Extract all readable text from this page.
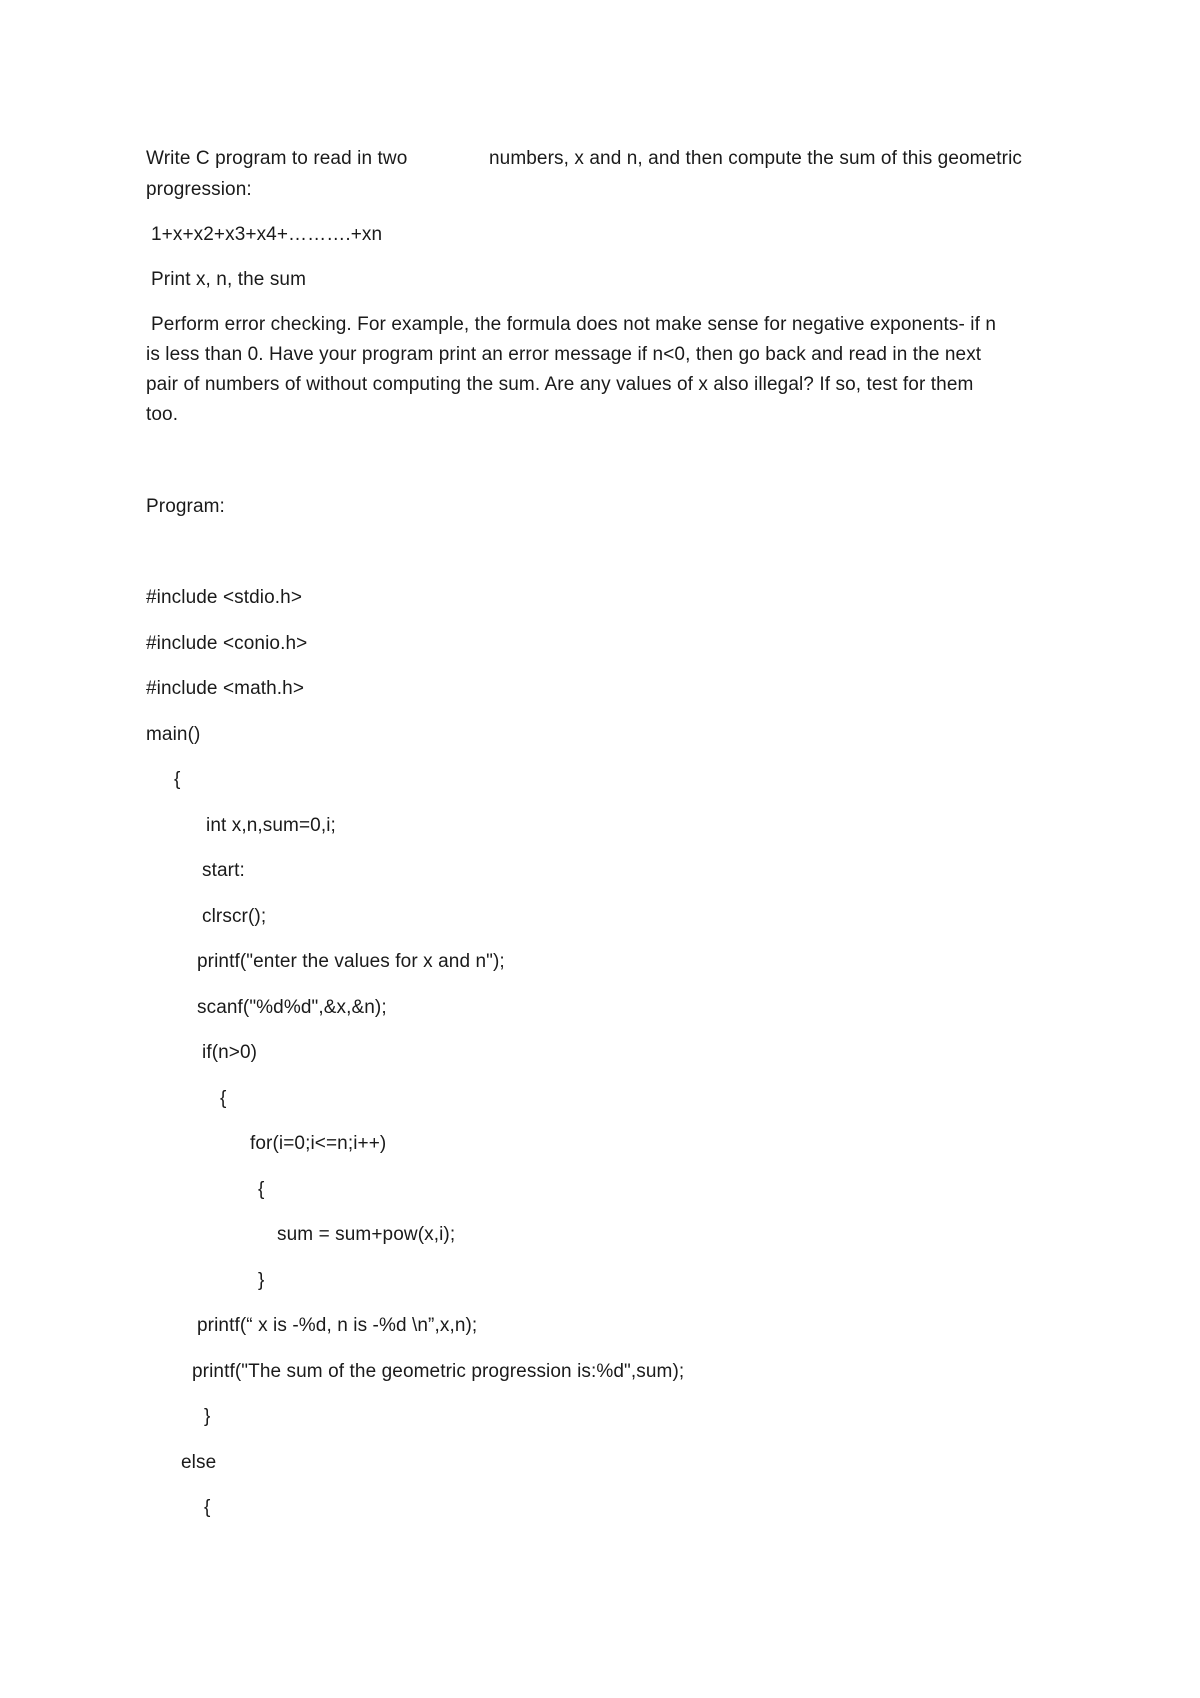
Write C program to read in two	numbers, x and n, and then compute the sum of this geometric
progression:
1+x+x2+x3+x4+……….+xn
Print x, n, the sum
Perform error checking. For example, the formula does not make sense for negative exponents- if n
is less than 0. Have your program print an error message if n<0, then go back and read in the next
pair of numbers of without computing the sum. Are any values of x also illegal? If so, test for them
too.
Program:
#include <stdio.h>
#include <conio.h>
#include <math.h>
main()
{
int x,n,sum=0,i;
start:
clrscr();
printf("enter the values for x and n");
scanf("%d%d",&x,&n);
if(n>0)
{
for(i=0;i<=n;i++)
{
sum = sum+pow(x,i);
}
printf(“ x is -%d, n is -%d \n”,x,n);
printf("The sum of the geometric progression is:%d",sum);
}
else
{
